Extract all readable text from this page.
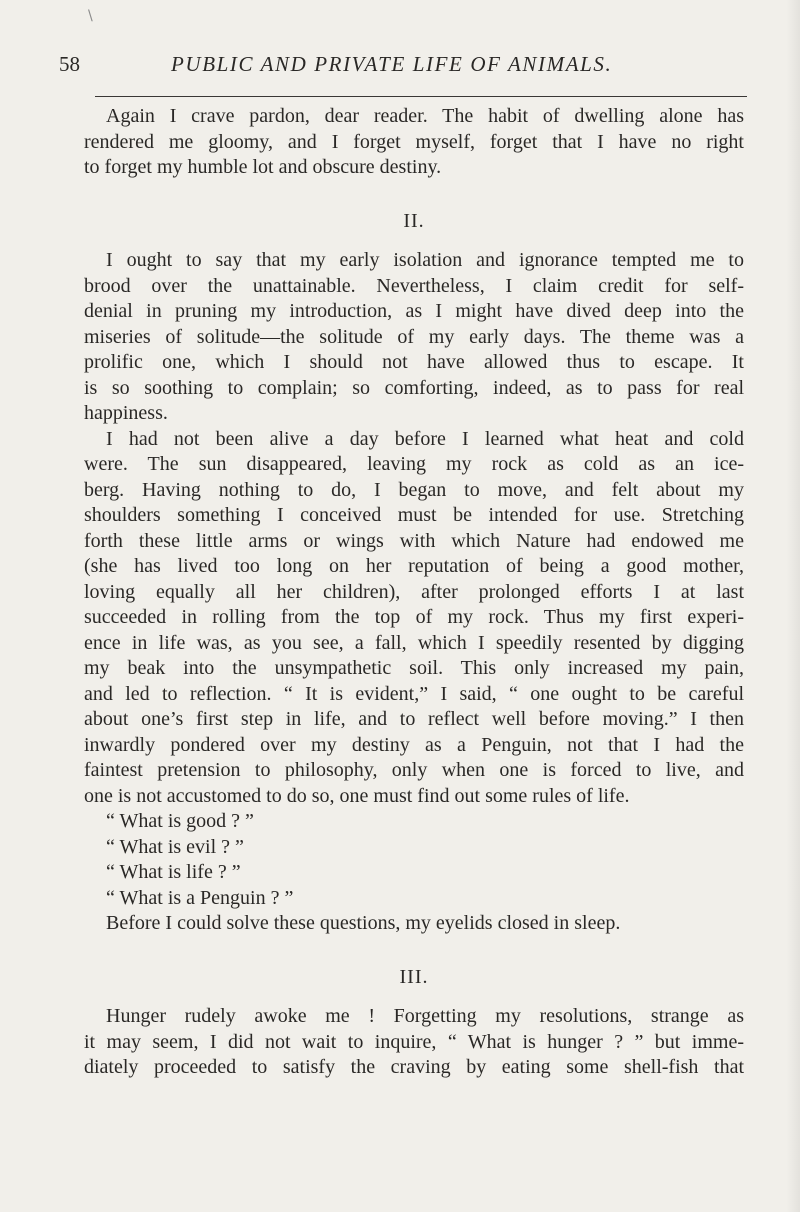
\
58	PUBLIC AND PRIVATE LIFE OF ANIMALS.
Again I crave pardon, dear reader. The habit of dwelling alone has
rendered me gloomy, and I forget myself, forget that I have no right
to forget my humble lot and obscure destiny.
II.
I ought to say that my early isolation and ignorance tempted me to
brood over the unattainable. Nevertheless, I claim credit for self-
denial in pruning my introduction, as I might have dived deep into the
miseries of solitude—the solitude of my early days. The theme was a
prolific one, which I should not have allowed thus to escape. It
is so soothing to complain; so comforting, indeed, as to pass for real
happiness.
I had not been alive a day before I learned what heat and cold
were. The sun disappeared, leaving my rock as cold as an ice-
berg. Having nothing to do, I began to move, and felt about my
shoulders something I conceived must be intended for use. Stretching
forth these little arms or wings with which Nature had endowed me
(she has lived too long on her reputation of being a good mother,
loving equally all her children), after prolonged efforts I at last
succeeded in rolling from the top of my rock. Thus my first experi-
ence in life was, as you see, a fall, which I speedily resented by digging
my beak into the unsympathetic soil. This only increased my pain,
and led to reflection. “ It is evident,” I said, “ one ought to be careful
about one’s first step in life, and to reflect well before moving.” I then
inwardly pondered over my destiny as a Penguin, not that I had the
faintest pretension to philosophy, only when one is forced to live, and
one is not accustomed to do so, one must find out some rules of life.
“ What is good ? ”
“ What is evil ? ”
“ What is life ? ”
“ What is a Penguin ? ”
Before I could solve these questions, my eyelids closed in sleep.
III.
Hunger rudely awoke me ! Forgetting my resolutions, strange as
it may seem, I did not wait to inquire, “ What is hunger ? ” but imme-
diately proceeded to satisfy the craving by eating some shell-fish that
